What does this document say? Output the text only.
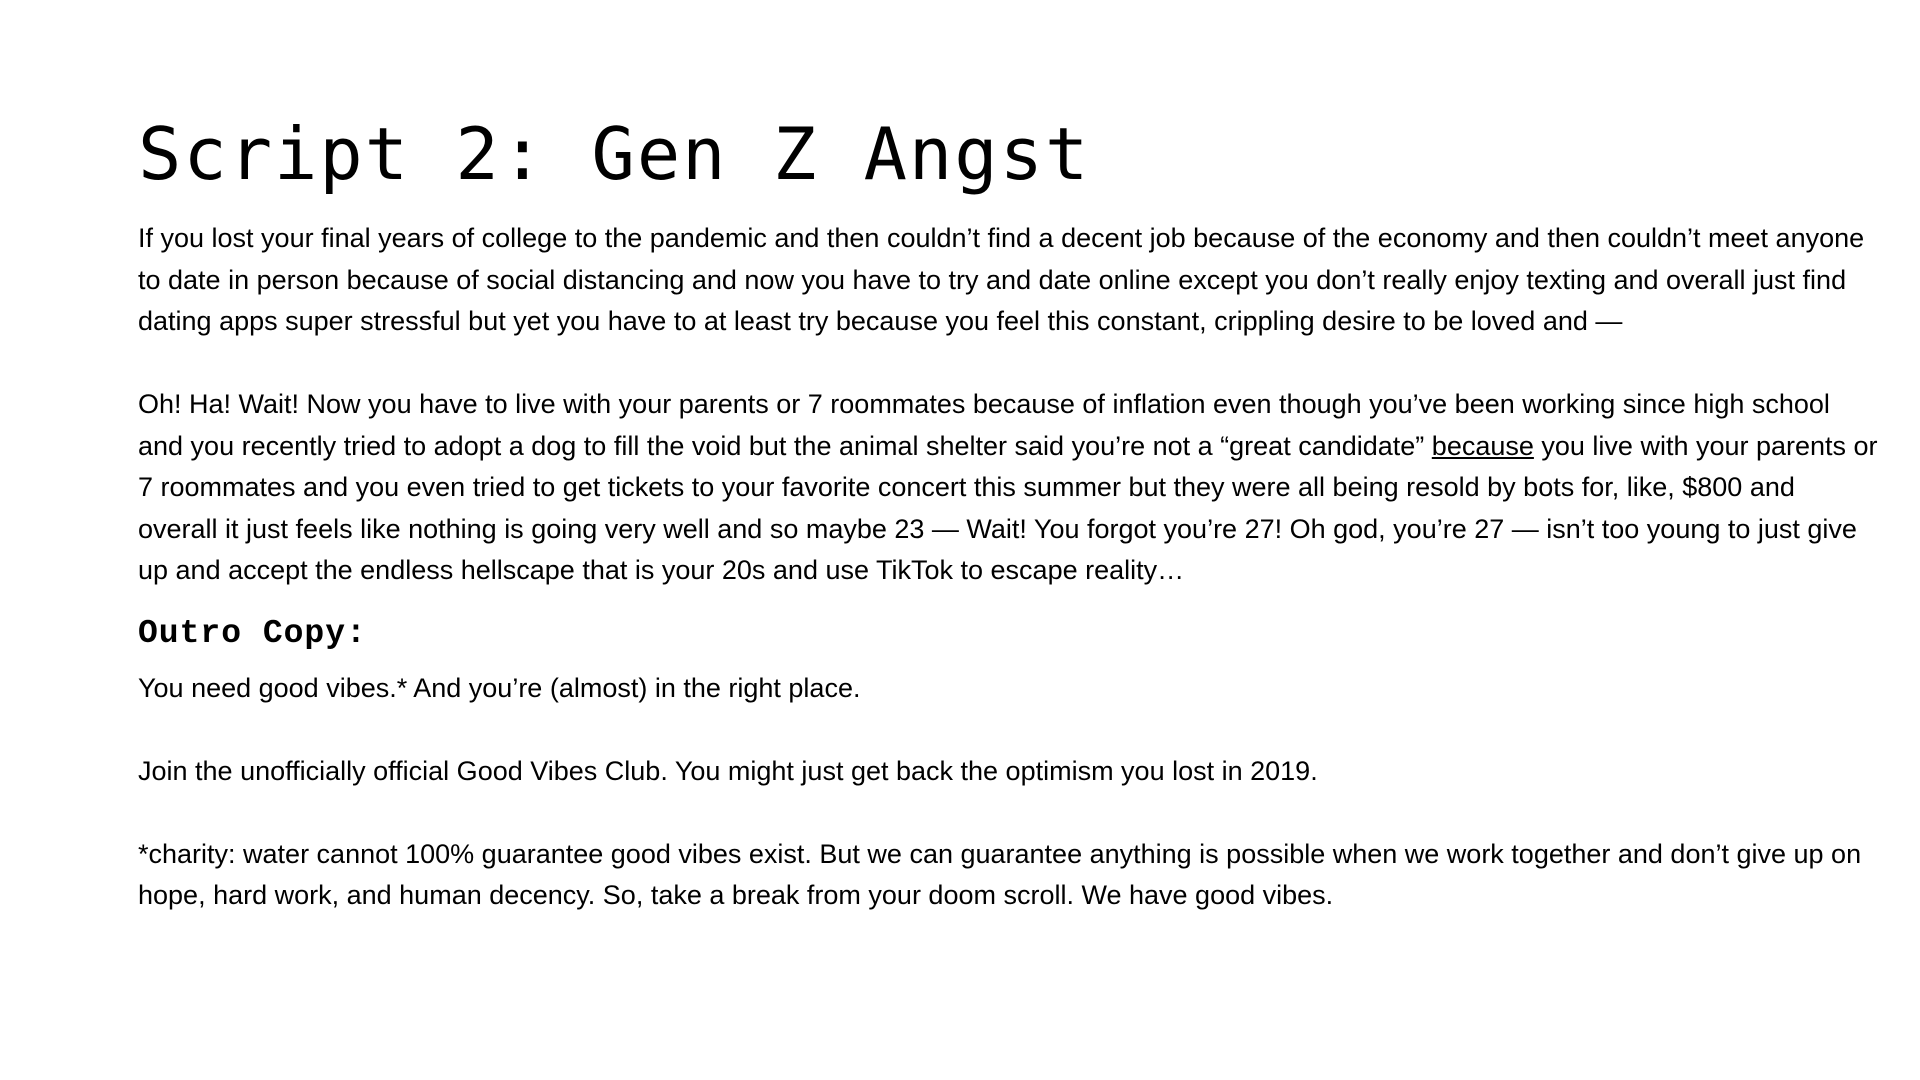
Script 2: Gen Z Angst

If you lost your final years of college to the pandemic and then couldn’t find a decent job because of the economy and then couldn’t meet anyone to date in person because of social distancing and now you have to try and date online except you don’t really enjoy texting and overall just find dating apps super stressful but yet you have to at least try because you feel this constant, crippling desire to be loved and —

Oh! Ha! Wait! Now you have to live with your parents or 7 roommates because of inflation even though you’ve been working since high school and you recently tried to adopt a dog to fill the void but the animal shelter said you’re not a “great candidate” because you live with your parents or 7 roommates and you even tried to get tickets to your favorite concert this summer but they were all being resold by bots for, like, $800 and overall it just feels like nothing is going very well and so maybe 23 — Wait! You forgot you’re 27! Oh god, you’re 27 — isn’t too young to just give up and accept the endless hellscape that is your 20s and use TikTok to escape reality…

Outro Copy:

You need good vibes.* And you’re (almost) in the right place.

Join the unofficially official Good Vibes Club. You might just get back the optimism you lost in 2019.

*charity: water cannot 100% guarantee good vibes exist. But we can guarantee anything is possible when we work together and don’t give up on hope, hard work, and human decency. So, take a break from your doom scroll. We have good vibes.
